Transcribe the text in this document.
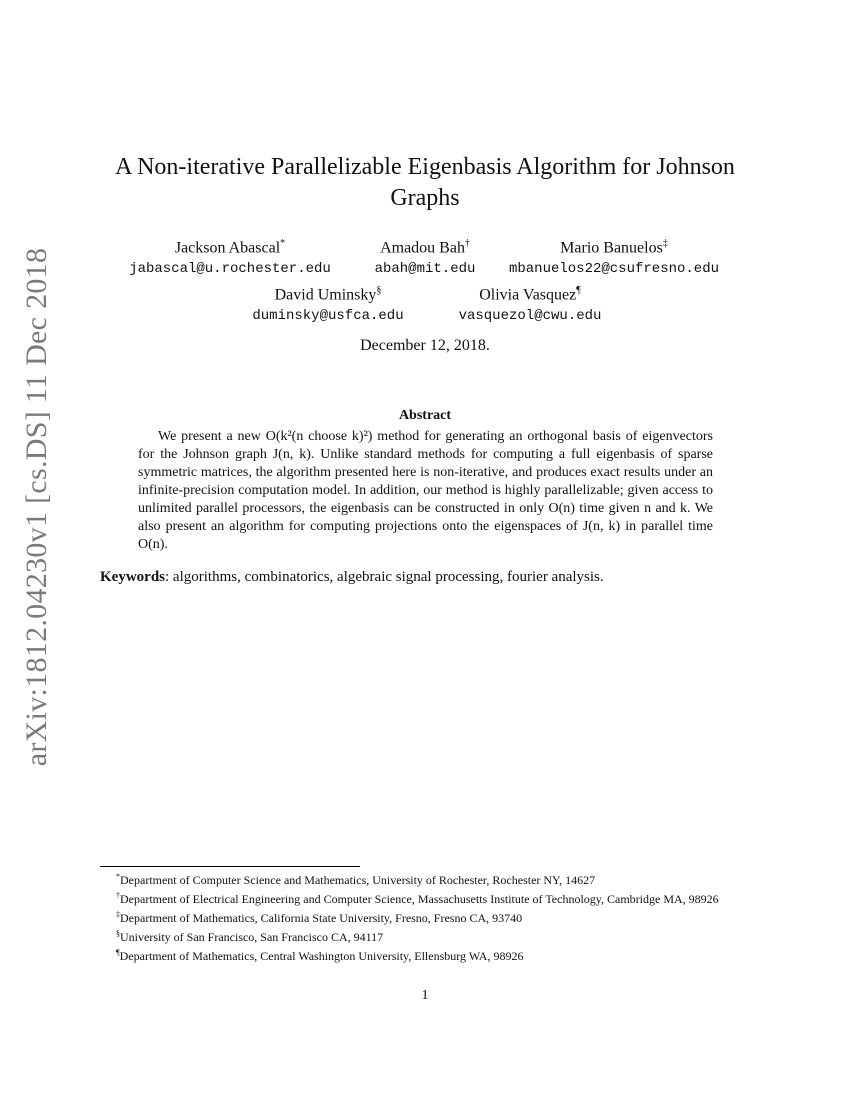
arXiv:1812.04230v1 [cs.DS] 11 Dec 2018
A Non-iterative Parallelizable Eigenbasis Algorithm for Johnson Graphs
Jackson Abascal*
jabascal@u.rochester.edu
Amadou Bah†
abah@mit.edu
Mario Banuelos‡
mbanuelos22@csufresno.edu
David Uminsky§
duminsky@usfca.edu
Olivia Vasquez¶
vasquezol@cwu.edu
December 12, 2018.
Abstract

We present a new O(k²(n choose k)²) method for generating an orthogonal basis of eigenvectors for the Johnson graph J(n, k). Unlike standard methods for computing a full eigenbasis of sparse symmetric matrices, the algorithm presented here is non-iterative, and produces exact results under an infinite-precision computation model. In addition, our method is highly parallelizable; given access to unlimited parallel processors, the eigenbasis can be constructed in only O(n) time given n and k. We also present an algorithm for computing projections onto the eigenspaces of J(n, k) in parallel time O(n).

Keywords: algorithms, combinatorics, algebraic signal processing, fourier analysis.

*Department of Computer Science and Mathematics, University of Rochester, Rochester NY, 14627

†Department of Electrical Engineering and Computer Science, Massachusetts Institute of Technology, Cambridge MA, 98926

‡Department of Mathematics, California State University, Fresno, Fresno CA, 93740

§University of San Francisco, San Francisco CA, 94117

¶Department of Mathematics, Central Washington University, Ellensburg WA, 98926

1
